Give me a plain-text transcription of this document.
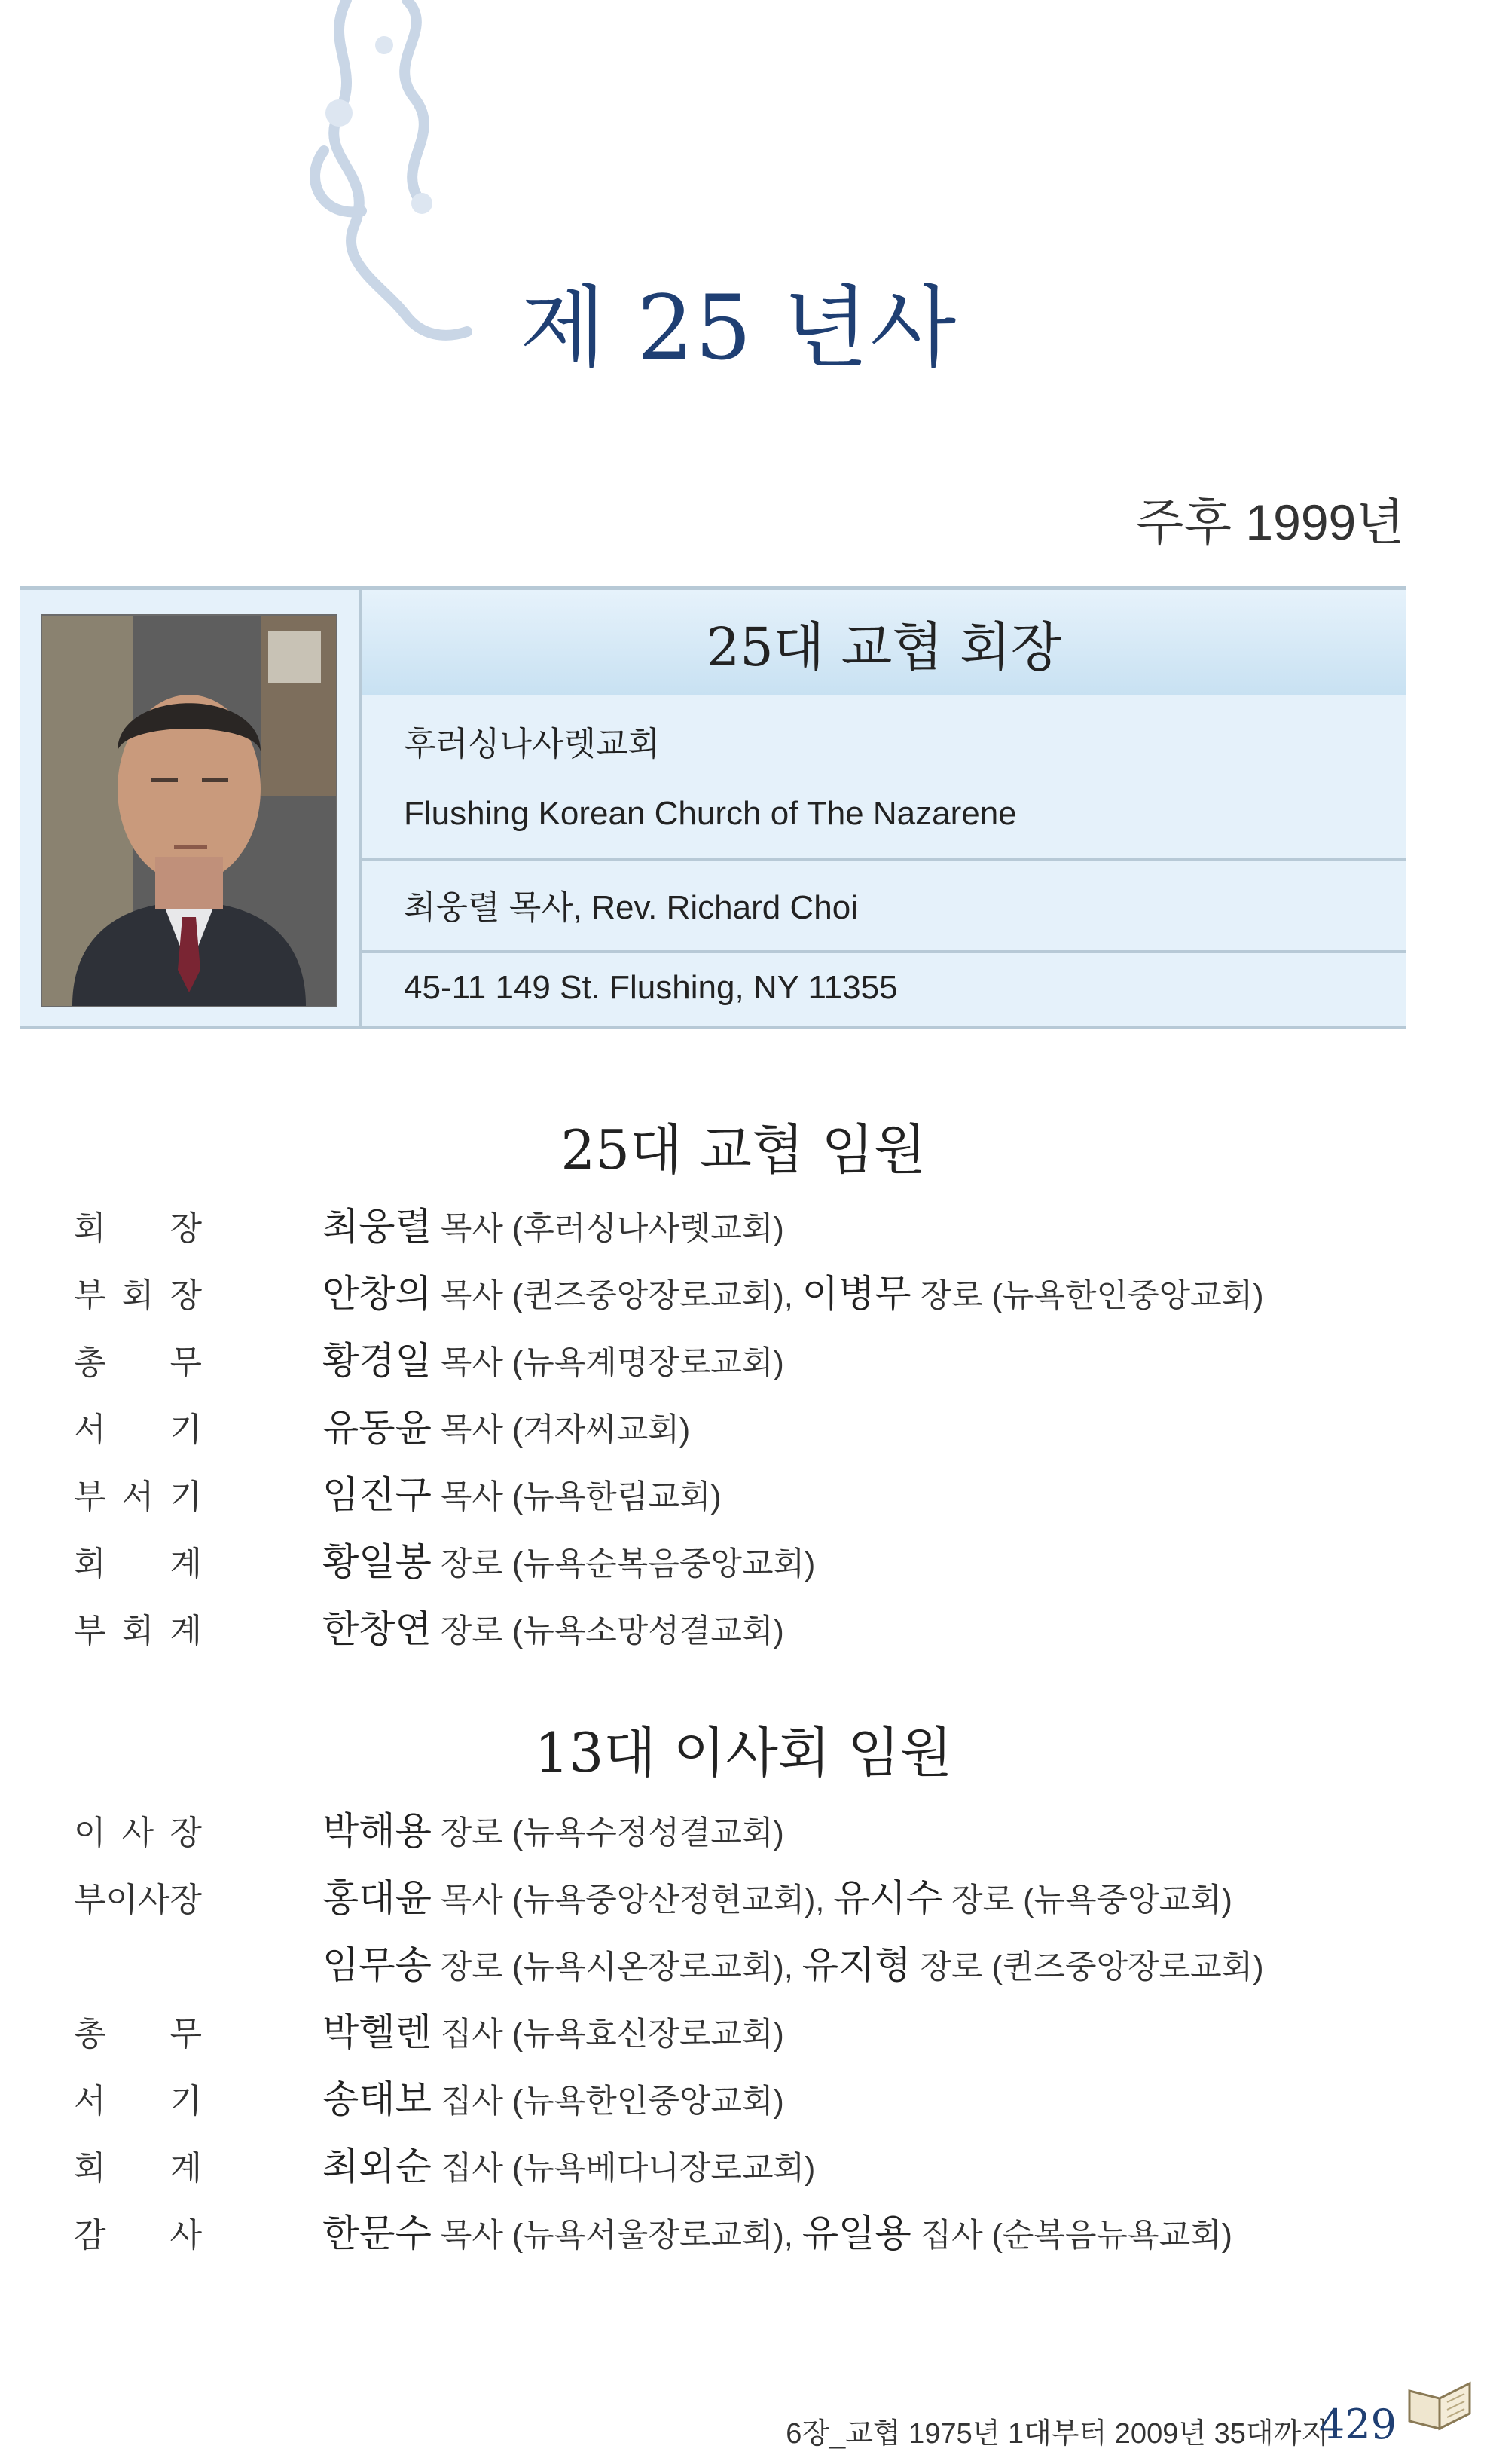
제 25 년사
주후 1999년
25대 교협 회장
후러싱나사렛교회
Flushing Korean Church of The Nazarene
최웅렬 목사, Rev. Richard Choi
45-11 149 St. Flushing, NY 11355
25대 교협 임원
회 장	최웅렬 목사 (후러싱나사렛교회)
부 회 장	안창의 목사 (퀸즈중앙장로교회), 이병무 장로 (뉴욕한인중앙교회)
총 무	황경일 목사 (뉴욕계명장로교회)
서 기	유동윤 목사 (겨자씨교회)
부 서 기	임진구 목사 (뉴욕한림교회)
회 계	황일봉 장로 (뉴욕순복음중앙교회)
부 회 계	한창연 장로 (뉴욕소망성결교회)
13대 이사회 임원
이 사 장	박해용 장로 (뉴욕수정성결교회)
부이사장	홍대윤 목사 (뉴욕중앙산정현교회), 유시수 장로 (뉴욕중앙교회)
임무송 장로 (뉴욕시온장로교회), 유지형 장로 (퀸즈중앙장로교회)
총 무	박헬렌 집사 (뉴욕효신장로교회)
서 기	송태보 집사 (뉴욕한인중앙교회)
회 계	최외순 집사 (뉴욕베다니장로교회)
감 사	한문수 목사 (뉴욕서울장로교회), 유일용 집사 (순복음뉴욕교회)
6장_교협 1975년 1대부터 2009년 35대까지
429
